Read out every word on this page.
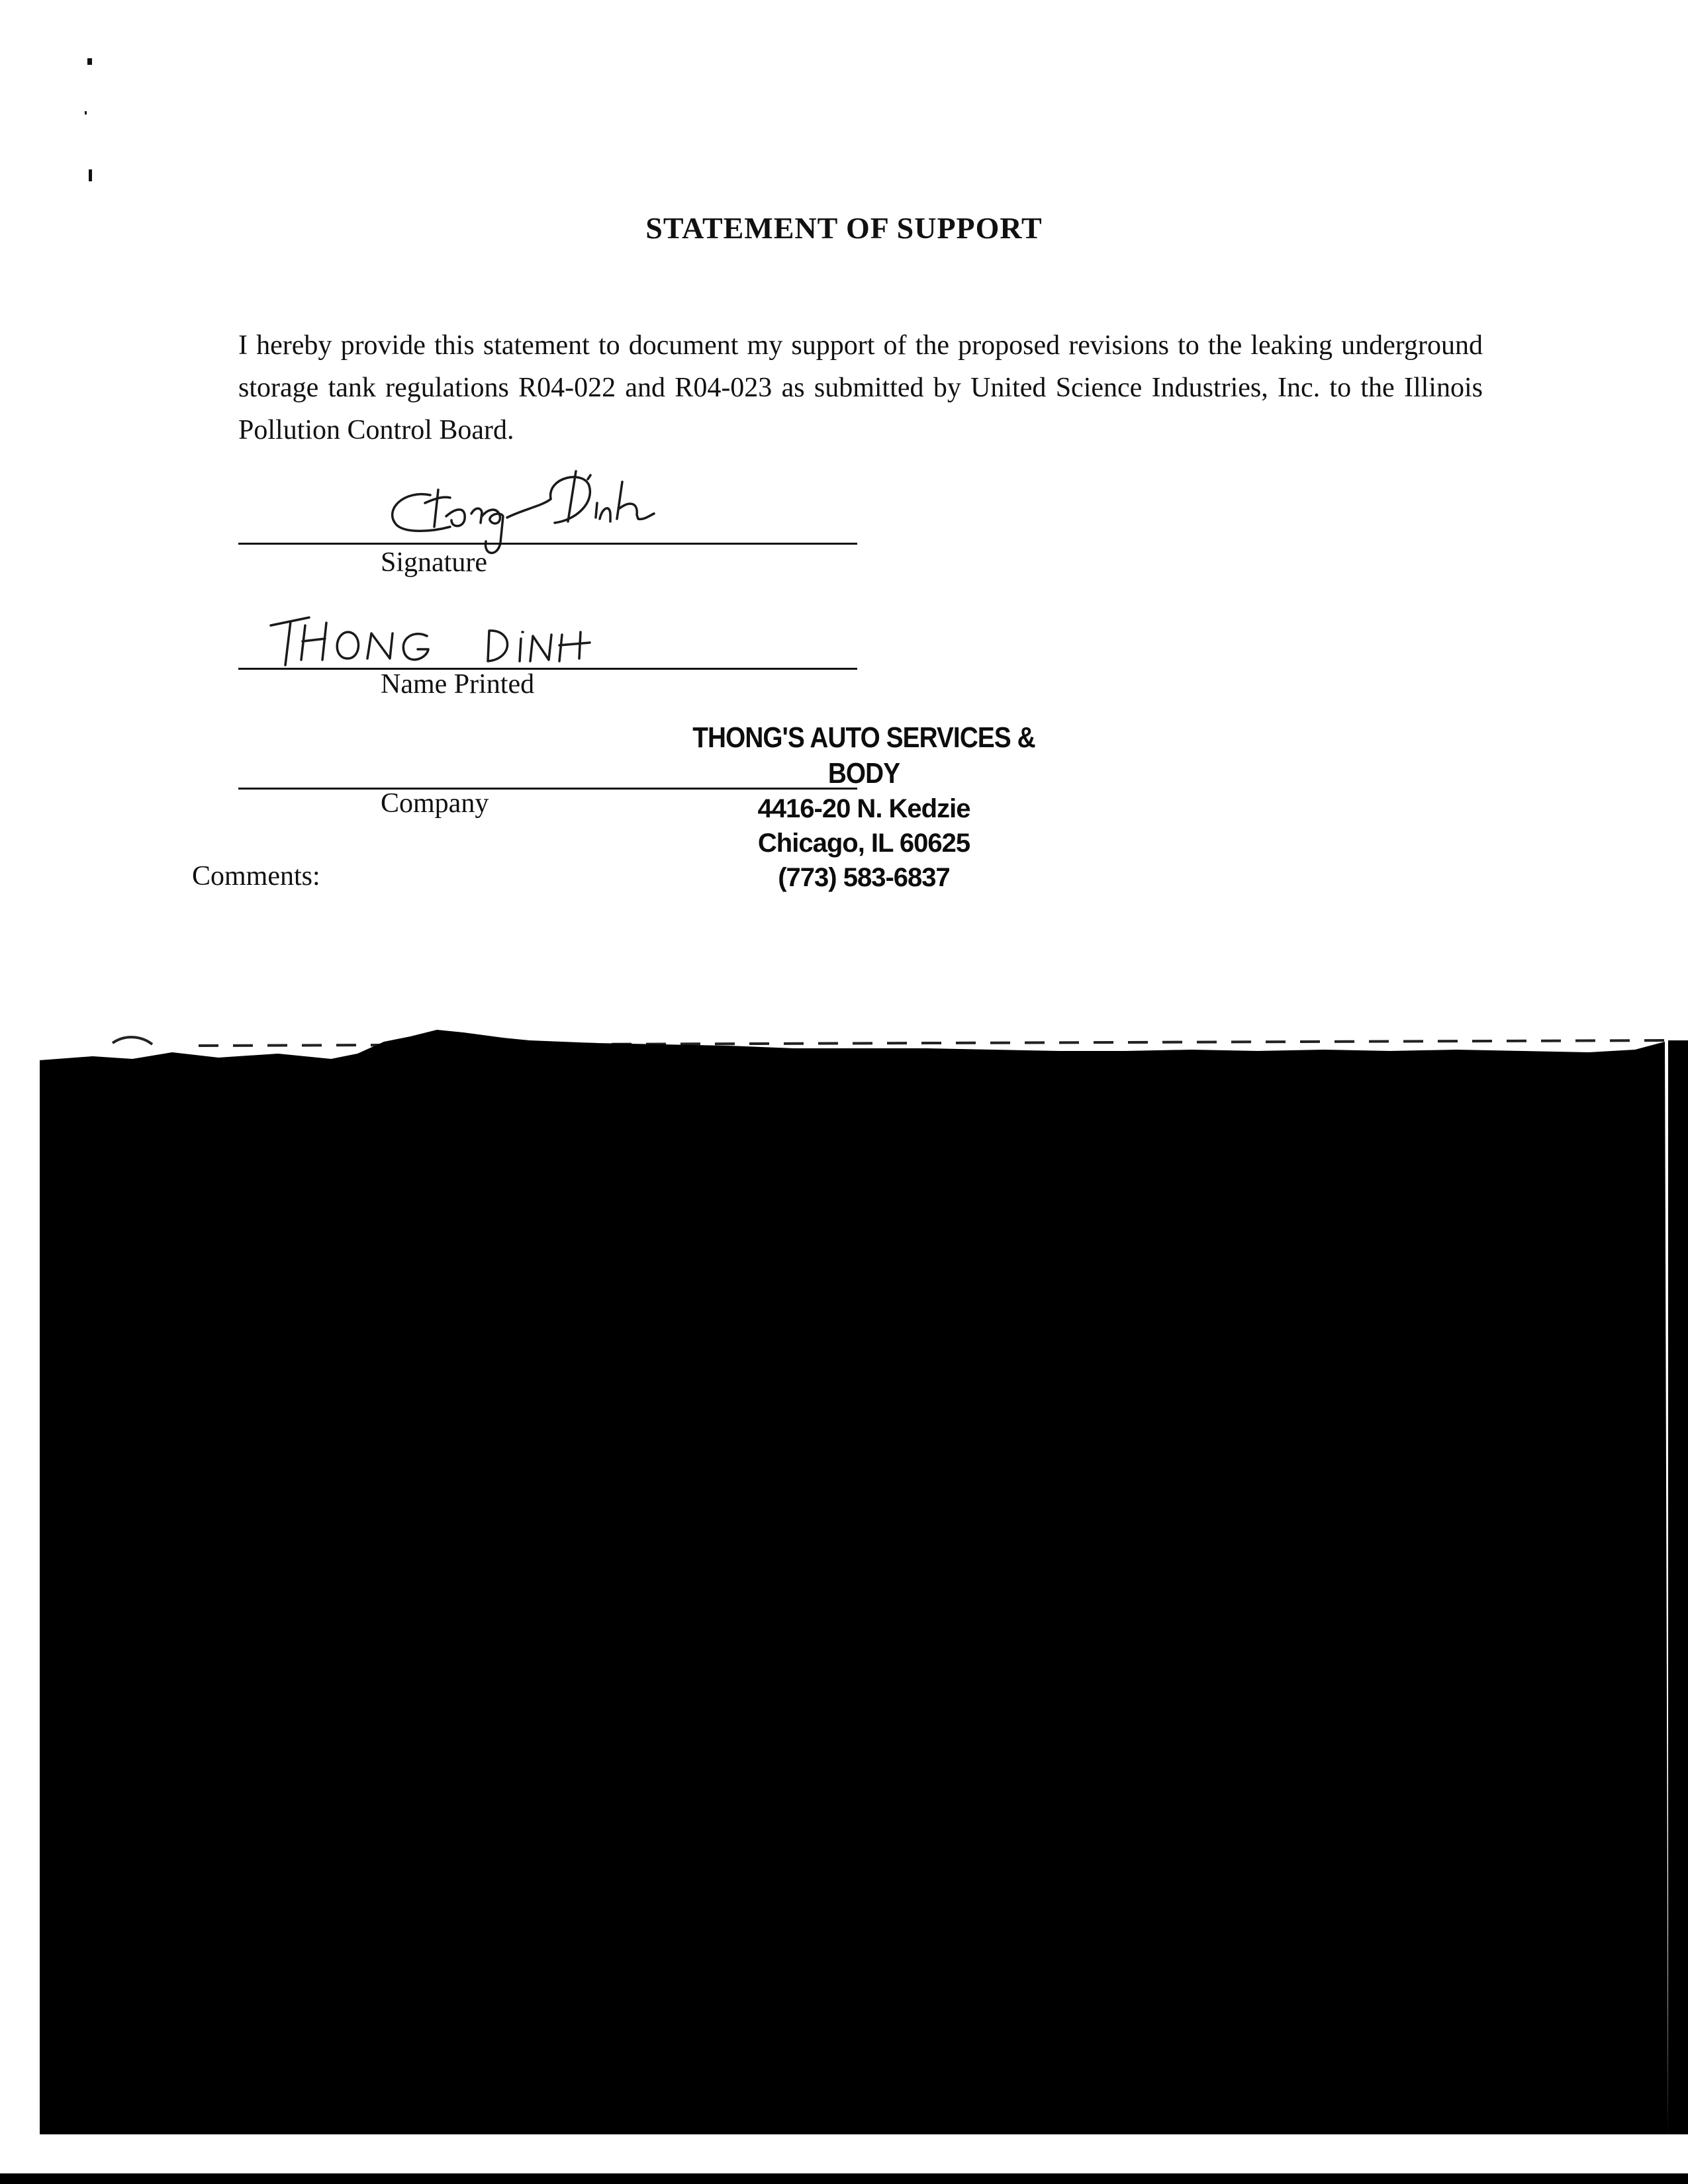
STATEMENT OF SUPPORT
I hereby provide this statement to document my support of the proposed revisions to the leaking underground storage tank regulations R04-022 and R04-023 as submitted by United Science Industries, Inc. to the Illinois Pollution Control Board.
Signature
Name Printed
THONG'S AUTO SERVICES & BODY
4416-20 N. Kedzie
Chicago, IL 60625
(773) 583-6837
Company
Comments:
